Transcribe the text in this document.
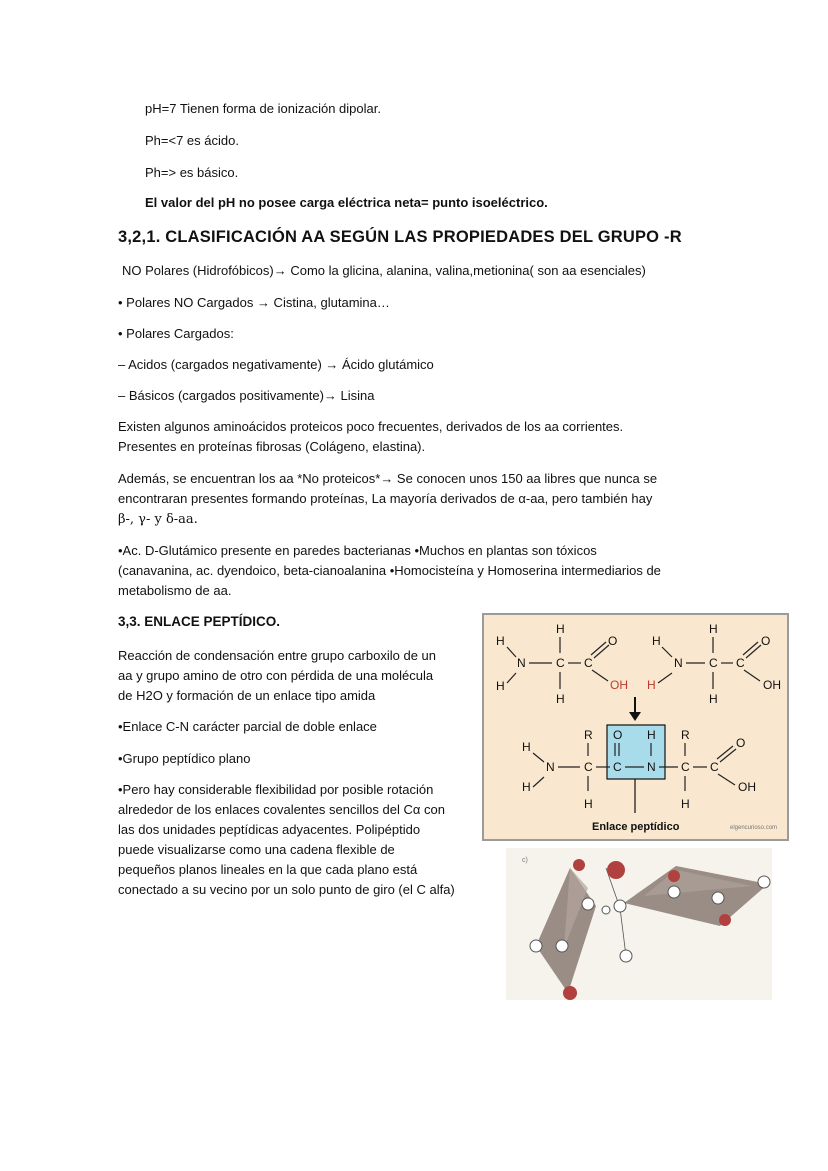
pH=7 Tienen forma de ionización dipolar.
Ph=<7 es ácido.
Ph=> es básico.
El valor del pH no posee carga eléctrica neta= punto isoeléctrico.
3,2,1. CLASIFICACIÓN AA SEGÚN LAS PROPIEDADES DEL GRUPO -R
NO Polares (Hidrofóbicos)→ Como la glicina, alanina, valina,metionina( son aa esenciales)
• Polares NO Cargados → Cistina, glutamina…
• Polares Cargados:
– Acidos (cargados negativamente) → Ácido glutámico
– Básicos (cargados positivamente)→ Lisina
Existen algunos aminoácidos proteicos poco frecuentes, derivados de los aa corrientes.
Presentes en proteínas fibrosas (Colágeno, elastina).
Además, se encuentran los aa *No proteicos*→ Se conocen unos 150 aa libres que nunca se
encontraran presentes formando proteínas, La mayoría derivados de α-aa, pero también hay
β-, γ- y δ-aa.
•Ac. D-Glutámico presente en paredes bacterianas •Muchos en plantas son tóxicos
(canavanina, ac. dyendoico, beta-cianoalanina •Homocisteína y Homoserina intermediarios de
metabolismo de aa.
3,3. ENLACE PEPTÍDICO.
Reacción de condensación entre grupo carboxilo de un
aa y grupo amino de otro con pérdida de una molécula
de H2O y formación de un enlace tipo amida
•Enlace C-N carácter parcial de doble enlace
•Grupo peptídico plano
•Pero hay considerable flexibilidad por posible rotación
alrededor de los enlaces covalentes sencillos del Cα con
las dos unidades peptídicas adyacentes. Polipéptido
puede visualizarse como una cadena flexible de
pequeños planos lineales en la que cada plano está
conectado a su vecino por un solo punto de giro (el C alfa)
H
H
N
H
C
H
C
O
OH H
H
N
H
C
H
C
O
OH
H
H
N
R
C
H
O
C
H
N
R
C
H
C
O
OH
Enlace peptídico	elgencurioso.com
c)
